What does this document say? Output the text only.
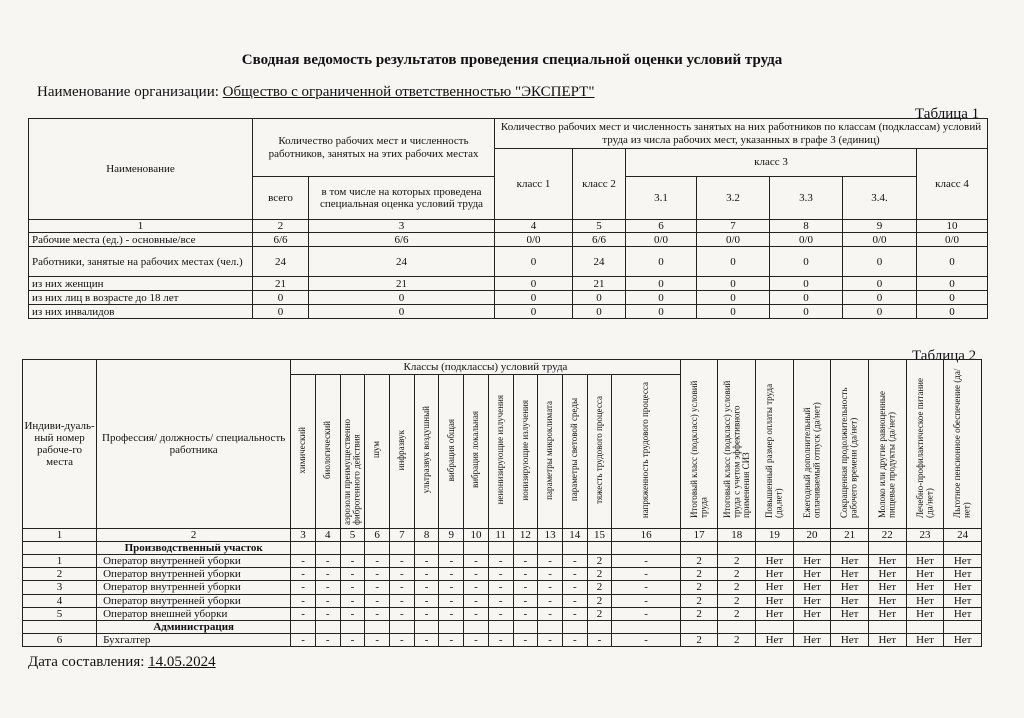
Сводная ведомость результатов проведения специальной оценки условий труда
Наименование организации: Общество с ограниченной ответственностью "ЭКСПЕРТ"
Таблица 1
Наименование	Количество рабочих мест и численность работников, занятых на этих рабочих местах		Количество рабочих мест и численность занятых на них работников по классам (подклассам) условий труда из числа рабочих мест, указанных в графе 3 (единиц)						
			класс 1	класс 2	класс 3				класс 4
	всего	в том числе на которых проведена специальная оценка условий труда			3.1	3.2	3.3	3.4.	
1	2	3	4	5	6	7	8	9	10
Рабочие места (ед.) - основные/все	6/6	6/6	0/0	6/6	0/0	0/0	0/0	0/0	0/0
Работники, занятые на рабочих местах (чел.)	24	24	0	24	0	0	0	0	0
из них женщин	21	21	0	21	0	0	0	0	0
из них лиц в возрасте до 18 лет	0	0	0	0	0	0	0	0	0
из них инвалидов	0	0	0	0	0	0	0	0	0
Таблица 2
Индиви-дуаль-ный номер рабоче-го места	Профессия/ должность/ специальность работника	Классы (подклассы) условий труда														Итоговый класс (подкласс) условий труда	Итоговый класс (подкласс) условий труда с учетом эффективного применения СИЗ	Повышенный размер оплаты труда (да,нет)	Ежегодный дополнительный оплачиваемый отпуск (да/нет)	Сокращенная продолжительность рабочего времени (да/нет)	Молоко или другие равноценные пищевые продукты (да/нет)	Лечебно-профилактическое питание (да/нет)	Льготное пенсионное обеспечение (да/нет)
		химический	биологический	аэрозоли преимущественно фиброгенного действия	шум	инфразвук	ультразвук воздушный	вибрация общая	вибрация локальная	неионизирующие излучения	ионизирующие излучения	параметры микроклимата	параметры световой среды	тяжесть трудового процесса	напряженность трудового процесса								
1	2	3	4	5	6	7	8	9	10	11	12	13	14	15	16	17	18	19	20	21	22	23	24
	Производственный участок																						
1	Оператор внутренней уборки	-	-	-	-	-	-	-	-	-	-	-	-	2	-	2	2	Нет	Нет	Нет	Нет	Нет	Нет
2	Оператор внутренней уборки	-	-	-	-	-	-	-	-	-	-	-	-	2	-	2	2	Нет	Нет	Нет	Нет	Нет	Нет
3	Оператор внутренней уборки	-	-	-	-	-	-	-	-	-	-	-	-	2	-	2	2	Нет	Нет	Нет	Нет	Нет	Нет
4	Оператор внутренней уборки	-	-	-	-	-	-	-	-	-	-	-	-	2	-	2	2	Нет	Нет	Нет	Нет	Нет	Нет
5	Оператор внешней уборки	-	-	-	-	-	-	-	-	-	-	-	-	2	-	2	2	Нет	Нет	Нет	Нет	Нет	Нет
	Администрация																						
6	Бухгалтер	-	-	-	-	-	-	-	-	-	-	-	-	-	-	2	2	Нет	Нет	Нет	Нет	Нет	Нет
Дата составления: 14.05.2024
